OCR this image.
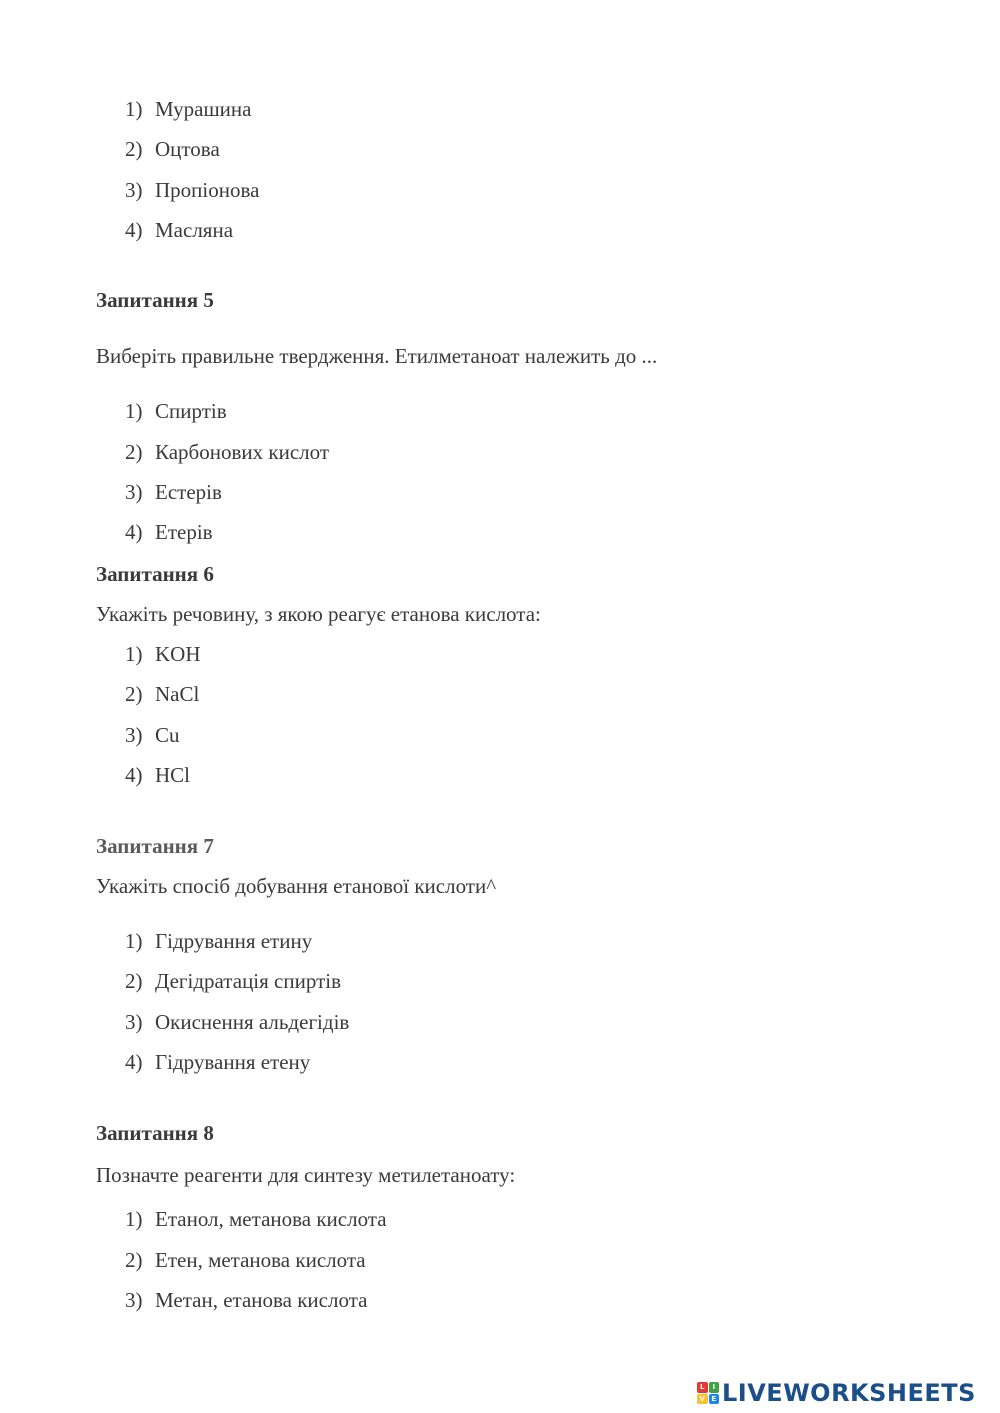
1) Мурашина
2) Оцтова
3) Пропіонова
4) Масляна
Запитання 5
Виберіть правильне твердження. Етилметаноат належить до ...
1) Спиртів
2) Карбонових кислот
3) Естерів
4) Етерів
Запитання 6
Укажіть речовину, з якою реагує етанова кислота:
1) KOH
2) NaCl
3) Cu
4) HCl
Запитання 7
Укажіть спосіб добування етанової кислоти^
1) Гідрування етину
2) Дегідратація спиртів
3) Окиснення альдегідів
4) Гідрування етену
Запитання 8
Позначте реагенти для синтезу метилетаноату:
1) Етанол, метанова кислота
2) Етен, метанова кислота
3) Метан, етанова кислота
L	I
V E LIVEWORKSHEETS
